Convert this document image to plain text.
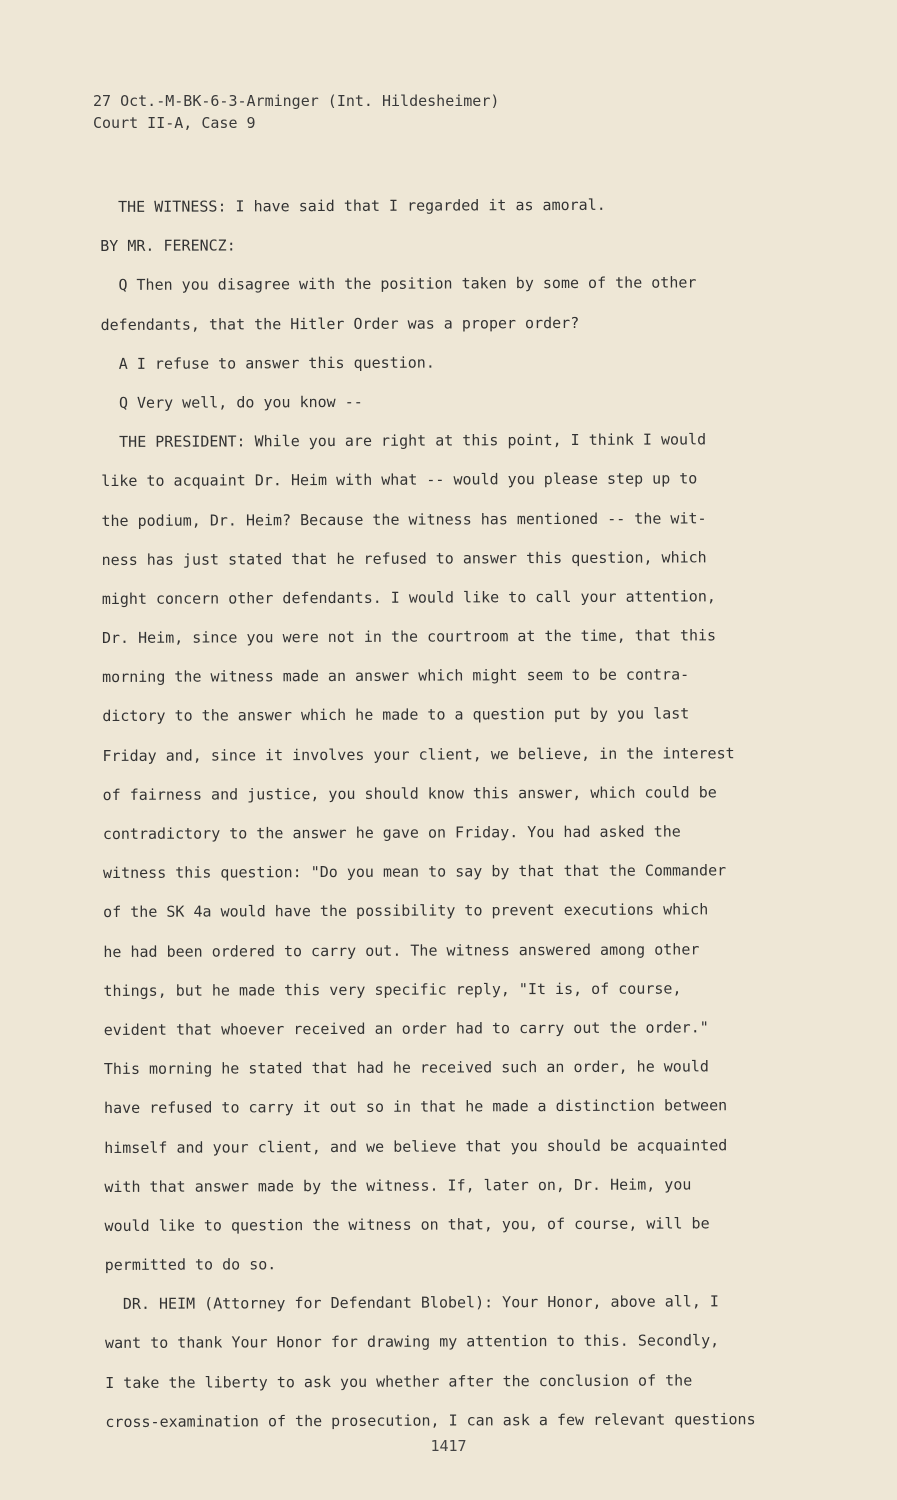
27 Oct.-M-BK-6-3-Arminger (Int. Hildesheimer)
Court II-A, Case 9
THE WITNESS: I have said that I regarded it as amoral.
BY MR. FERENCZ:
Q Then you disagree with the position taken by some of the other
defendants, that the Hitler Order was a proper order?
A I refuse to answer this question.
Q Very well, do you know --
THE PRESIDENT: While you are right at this point, I think I would
like to acquaint Dr. Heim with what -- would you please step up to
the podium, Dr. Heim? Because the witness has mentioned -- the wit-
ness has just stated that he refused to answer this question, which
might concern other defendants. I would like to call your attention,
Dr. Heim, since you were not in the courtroom at the time, that this
morning the witness made an answer which might seem to be contra-
dictory to the answer which he made to a question put by you last
Friday and, since it involves your client, we believe, in the interest
of fairness and justice, you should know this answer, which could be
contradictory to the answer he gave on Friday. You had asked the
witness this question: "Do you mean to say by that that the Commander
of the SK 4a would have the possibility to prevent executions which
he had been ordered to carry out. The witness answered among other
things, but he made this very specific reply, "It is, of course,
evident that whoever received an order had to carry out the order."
This morning he stated that had he received such an order, he would
have refused to carry it out so in that he made a distinction between
himself and your client, and we believe that you should be acquainted
with that answer made by the witness. If, later on, Dr. Heim, you
would like to question the witness on that, you, of course, will be
permitted to do so.
DR. HEIM (Attorney for Defendant Blobel): Your Honor, above all, I
want to thank Your Honor for drawing my attention to this. Secondly,
I take the liberty to ask you whether after the conclusion of the
cross-examination of the prosecution, I can ask a few relevant questions
1417
